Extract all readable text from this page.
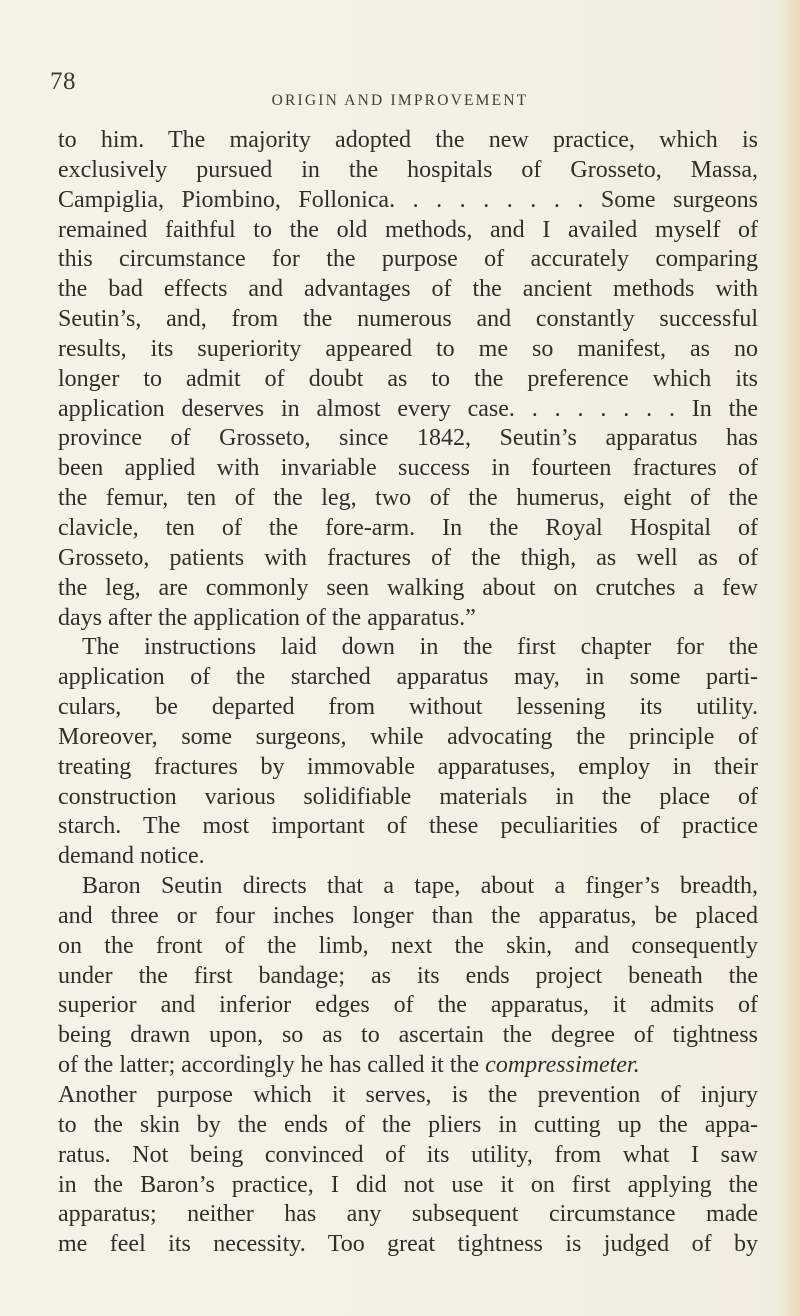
78
ORIGIN AND IMPROVEMENT
to him. The majority adopted the new practice, which is
exclusively pursued in the hospitals of Grosseto, Massa,
Campiglia, Piombino, Follonica. . . . . . . . . Some surgeons
remained faithful to the old methods, and I availed myself of
this circumstance for the purpose of accurately comparing
the bad effects and advantages of the ancient methods with
Seutin’s, and, from the numerous and constantly successful
results, its superiority appeared to me so manifest, as no
longer to admit of doubt as to the preference which its
application deserves in almost every case. . . . . . . . In the
province of Grosseto, since 1842, Seutin’s apparatus has
been applied with invariable success in fourteen fractures of
the femur, ten of the leg, two of the humerus, eight of the
clavicle, ten of the fore-arm. In the Royal Hospital of
Grosseto, patients with fractures of the thigh, as well as of
the leg, are commonly seen walking about on crutches a few
days after the application of the apparatus.”
The instructions laid down in the first chapter for the
application of the starched apparatus may, in some parti-
culars, be departed from without lessening its utility.
Moreover, some surgeons, while advocating the principle of
treating fractures by immovable apparatuses, employ in their
construction various solidifiable materials in the place of
starch. The most important of these peculiarities of practice
demand notice.
Baron Seutin directs that a tape, about a finger’s breadth,
and three or four inches longer than the apparatus, be placed
on the front of the limb, next the skin, and consequently
under the first bandage; as its ends project beneath the
superior and inferior edges of the apparatus, it admits of
being drawn upon, so as to ascertain the degree of tightness
of the latter; accordingly he has called it the compressimeter.
Another purpose which it serves, is the prevention of injury
to the skin by the ends of the pliers in cutting up the appa-
ratus. Not being convinced of its utility, from what I saw
in the Baron’s practice, I did not use it on first applying the
apparatus; neither has any subsequent circumstance made
me feel its necessity. Too great tightness is judged of by
